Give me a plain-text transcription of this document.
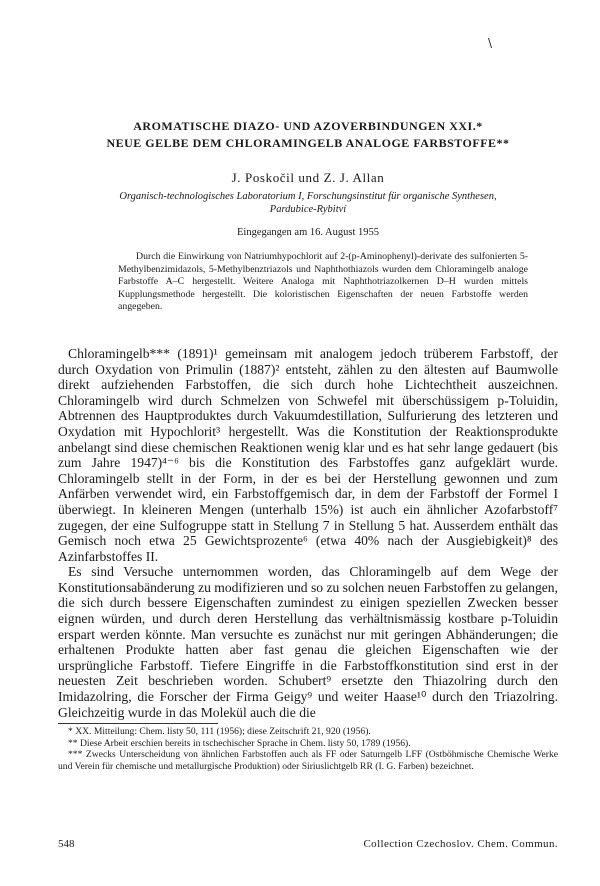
\
AROMATISCHE DIAZO- UND AZOVERBINDUNGEN XXI.*
NEUE GELBE DEM CHLORAMINGELB ANALOGE FARBSTOFFE**
J. Poskočil und Z. J. Allan
Organisch-technologisches Laboratorium I, Forschungsinstitut für organische Synthesen,
Pardubice-Rybitví
Eingegangen am 16. August 1955
Durch die Einwirkung von Natriumhypochlorit auf 2-(p-Aminophenyl)-derivate des sulfonierten 5-Methylbenzimidazols, 5-Methylbenztriazols und Naphthothiazols wurden dem Chloramingelb analoge Farbstoffe A–C hergestellt. Weitere Analoga mit Naphthotriazolkernen D–H wurden mittels Kupplungsmethode hergestellt. Die koloristischen Eigenschaften der neuen Farbstoffe werden angegeben.

Chloramingelb*** (1891)¹ gemeinsam mit analogem jedoch trüberem Farbstoff, der durch Oxydation von Primulin (1887)² entsteht, zählen zu den ältesten auf Baumwolle direkt aufziehenden Farbstoffen, die sich durch hohe Lichtechtheit auszeichnen. Chloramingelb wird durch Schmelzen von Schwefel mit überschüssigem p-Toluidin, Abtrennen des Hauptproduktes durch Vakuumdestillation, Sulfurierung des letzteren und Oxydation mit Hypochlorit³ hergestellt. Was die Konstitution der Reaktionsprodukte anbelangt sind diese chemischen Reaktionen wenig klar und es hat sehr lange gedauert (bis zum Jahre 1947)⁴⁻⁶ bis die Konstitution des Farbstoffes ganz aufgeklärt wurde. Chloramingelb stellt in der Form, in der es bei der Herstellung gewonnen und zum Anfärben verwendet wird, ein Farbstoffgemisch dar, in dem der Farbstoff der Formel I überwiegt. In kleineren Mengen (unterhalb 15%) ist auch ein ähnlicher Azofarbstoff⁷ zugegen, der eine Sulfogruppe statt in Stellung 7 in Stellung 5 hat. Ausserdem enthält das Gemisch noch etwa 25 Gewichtsprozente⁶ (etwa 40% nach der Ausgiebigkeit)⁸ des Azinfarbstoffes II.

Es sind Versuche unternommen worden, das Chloramingelb auf dem Wege der Konstitutionsabänderung zu modifizieren und so zu solchen neuen Farbstoffen zu gelangen, die sich durch bessere Eigenschaften zumindest zu einigen speziellen Zwecken besser eignen würden, und durch deren Herstellung das verhältnismässig kostbare p-Toluidin erspart werden könnte. Man versuchte es zunächst nur mit geringen Abhänderungen; die erhaltenen Produkte hatten aber fast genau die gleichen Eigenschaften wie der ursprüngliche Farbstoff. Tiefere Eingriffe in die Farbstoffkonstitution sind erst in der neuesten Zeit beschrieben worden. Schubert⁹ ersetzte den Thiazolring durch den Imidazolring, die Forscher der Firma Geigy⁹ und weiter Haase¹⁰ durch den Triazolring. Gleichzeitig wurde in das Molekül auch die die

* XX. Mitteilung: Chem. listy 50, 111 (1956); diese Zeitschrift 21, 920 (1956).

** Diese Arbeit erschien bereits in tschechischer Sprache in Chem. listy 50, 1789 (1956).

*** Zwecks Unterscheidung von ähnlichen Farbstoffen auch als FF oder Saturngelb LFF (Ostböhmische Chemische Werke und Verein für chemische und metallurgische Produktion) oder Siriuslichtgelb RR (I. G. Farben) bezeichnet.

548	Collection Czechoslov. Chem. Commun.
